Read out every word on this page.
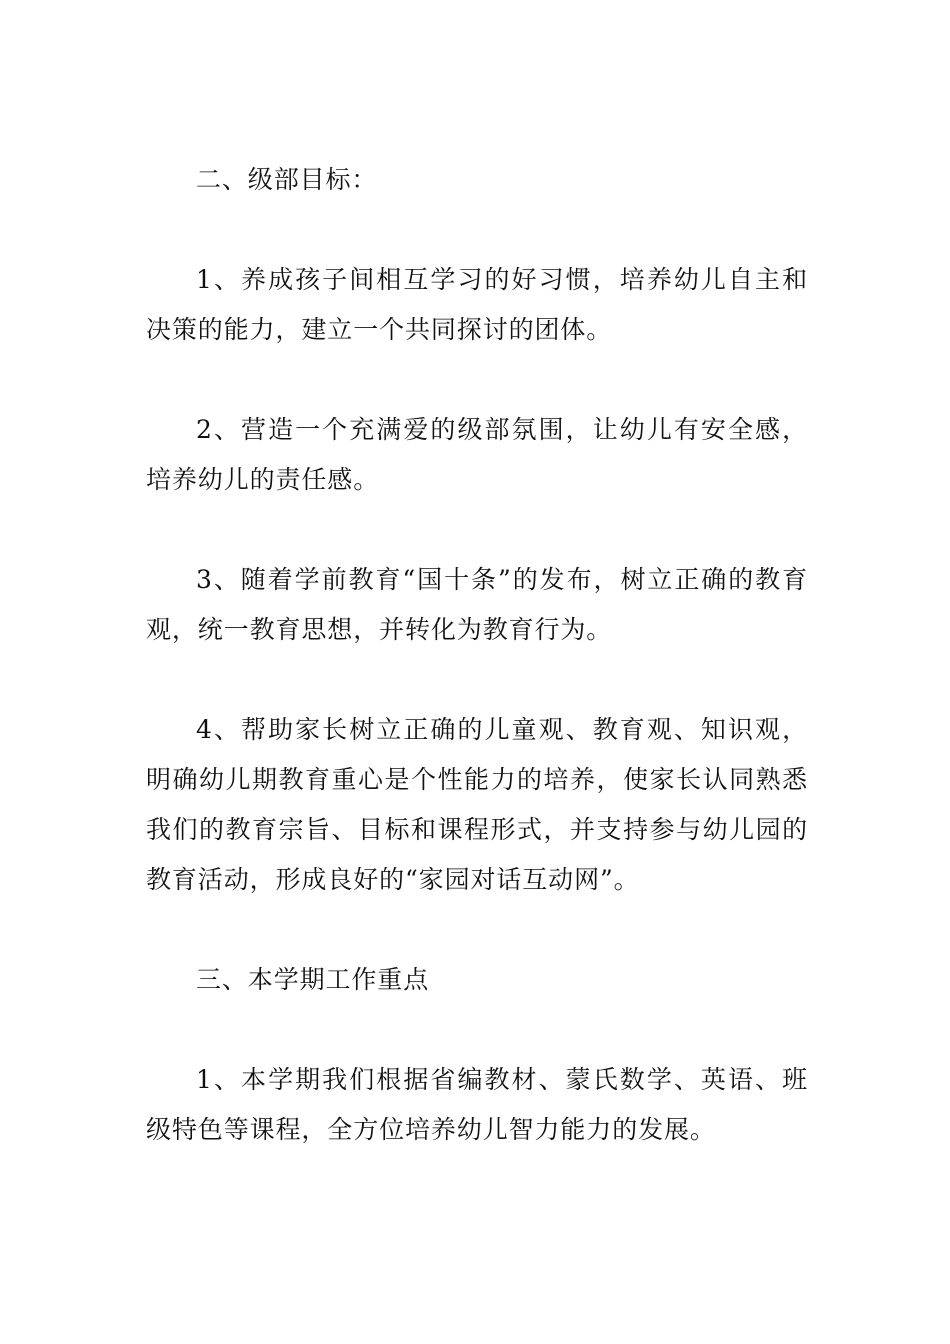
二、级部目标：

1、养成孩子间相互学习的好习惯，培养幼儿自主和决策的能力，建立一个共同探讨的团体。

2、营造一个充满爱的级部氛围，让幼儿有安全感，培养幼儿的责任感。

3、随着学前教育“国十条”的发布，树立正确的教育观，统一教育思想，并转化为教育行为。

4、帮助家长树立正确的儿童观、教育观、知识观，明确幼儿期教育重心是个性能力的培养，使家长认同熟悉我们的教育宗旨、目标和课程形式，并支持参与幼儿园的教育活动，形成良好的“家园对话互动网”。

三、本学期工作重点

1、本学期我们根据省编教材、蒙氏数学、英语、班级特色等课程，全方位培养幼儿智力能力的发展。
